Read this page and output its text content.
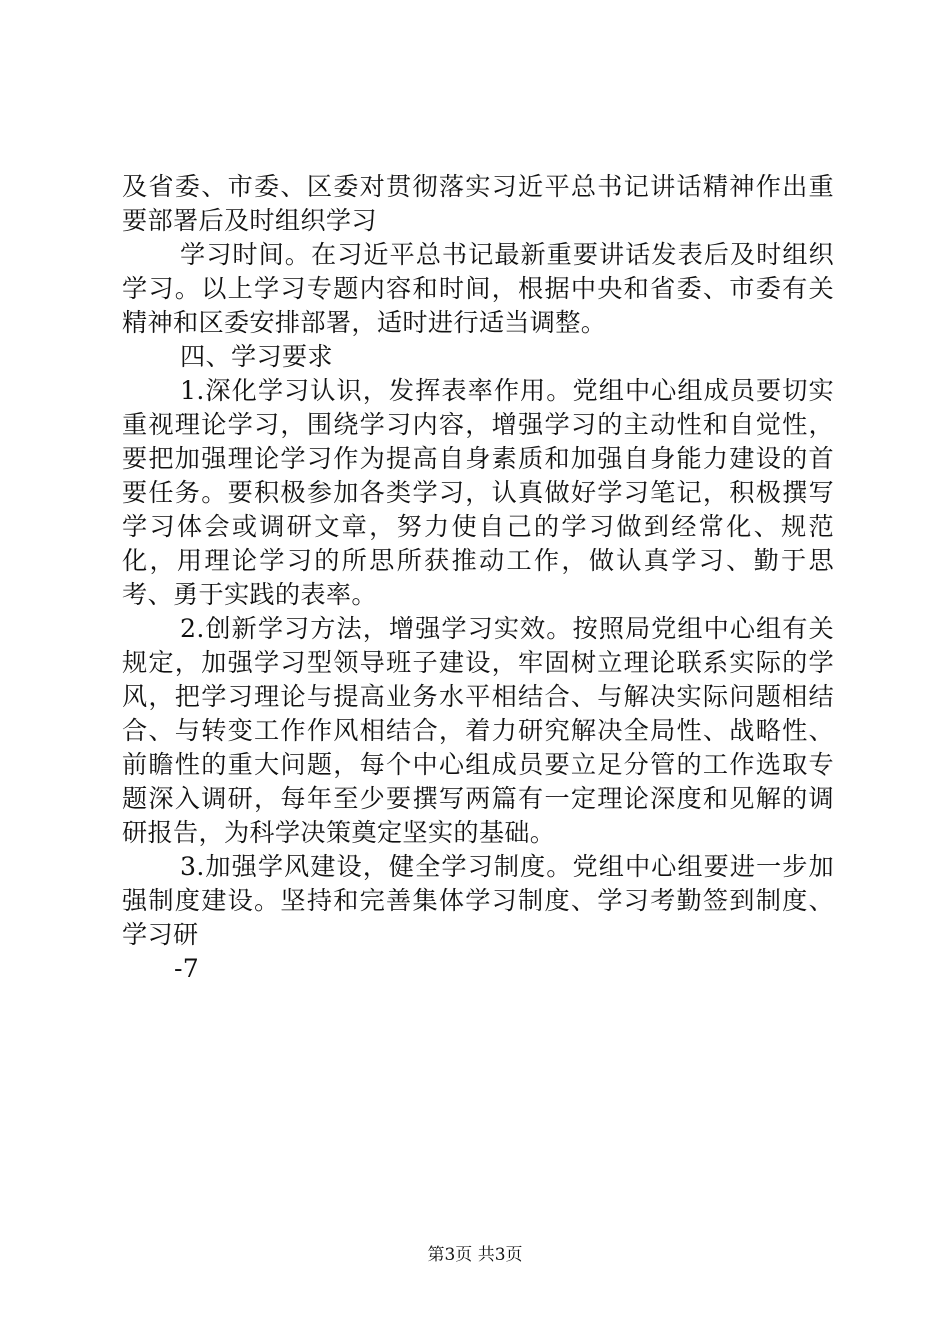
及省委、市委、区委对贯彻落实习近平总书记讲话精神作出重要部署后及时组织学习

学习时间。在习近平总书记最新重要讲话发表后及时组织学习。以上学习专题内容和时间，根据中央和省委、市委有关精神和区委安排部署，适时进行适当调整。

四、学习要求

1.深化学习认识，发挥表率作用。党组中心组成员要切实重视理论学习，围绕学习内容，增强学习的主动性和自觉性，要把加强理论学习作为提高自身素质和加强自身能力建设的首要任务。要积极参加各类学习，认真做好学习笔记，积极撰写学习体会或调研文章，努力使自己的学习做到经常化、规范化，用理论学习的所思所获推动工作，做认真学习、勤于思考、勇于实践的表率。

2.创新学习方法，增强学习实效。按照局党组中心组有关规定，加强学习型领导班子建设，牢固树立理论联系实际的学风，把学习理论与提高业务水平相结合、与解决实际问题相结合、与转变工作作风相结合，着力研究解决全局性、战略性、前瞻性的重大问题，每个中心组成员要立足分管的工作选取专题深入调研，每年至少要撰写两篇有一定理论深度和见解的调研报告，为科学决策奠定坚实的基础。

3.加强学风建设，健全学习制度。党组中心组要进一步加强制度建设。坚持和完善集体学习制度、学习考勤签到制度、学习研

-7

第3页 共3页
